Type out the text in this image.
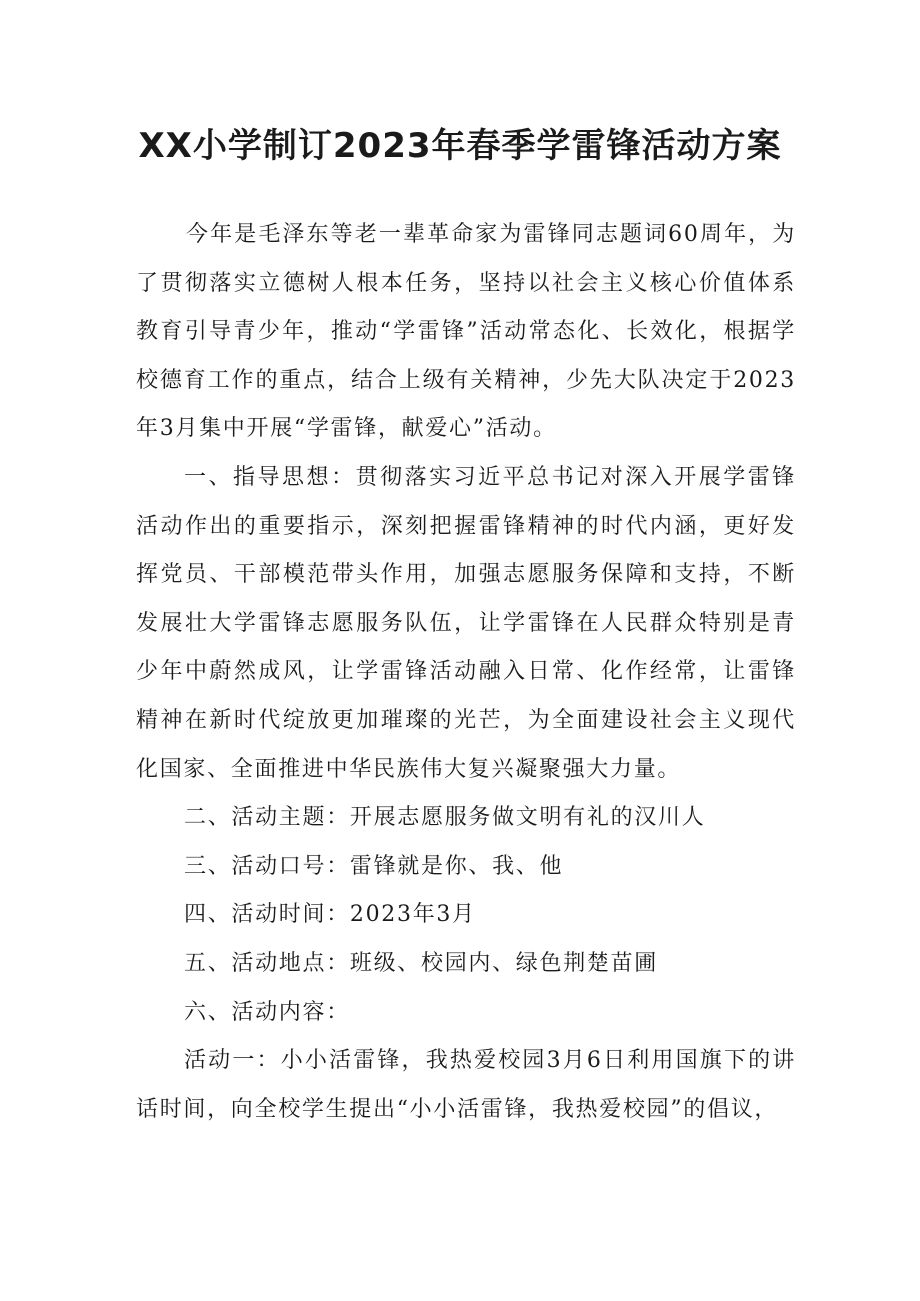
XX小学制订2023年春季学雷锋活动方案

今年是毛泽东等老一辈革命家为雷锋同志题词60周年，为了贯彻落实立德树人根本任务，坚持以社会主义核心价值体系教育引导青少年，推动“学雷锋”活动常态化、长效化，根据学校德育工作的重点，结合上级有关精神，少先大队决定于2023年3月集中开展“学雷锋，献爱心”活动。

一、指导思想：贯彻落实习近平总书记对深入开展学雷锋活动作出的重要指示，深刻把握雷锋精神的时代内涵，更好发挥党员、干部模范带头作用，加强志愿服务保障和支持，不断发展壮大学雷锋志愿服务队伍，让学雷锋在人民群众特别是青少年中蔚然成风，让学雷锋活动融入日常、化作经常，让雷锋精神在新时代绽放更加璀璨的光芒，为全面建设社会主义现代化国家、全面推进中华民族伟大复兴凝聚强大力量。

二、活动主题：开展志愿服务做文明有礼的汉川人

三、活动口号：雷锋就是你、我、他

四、活动时间：2023年3月

五、活动地点：班级、校园内、绿色荆楚苗圃

六、活动内容：

活动一：小小活雷锋，我热爱校园3月6日利用国旗下的讲话时间，向全校学生提出“小小活雷锋，我热爱校园”的倡议，
